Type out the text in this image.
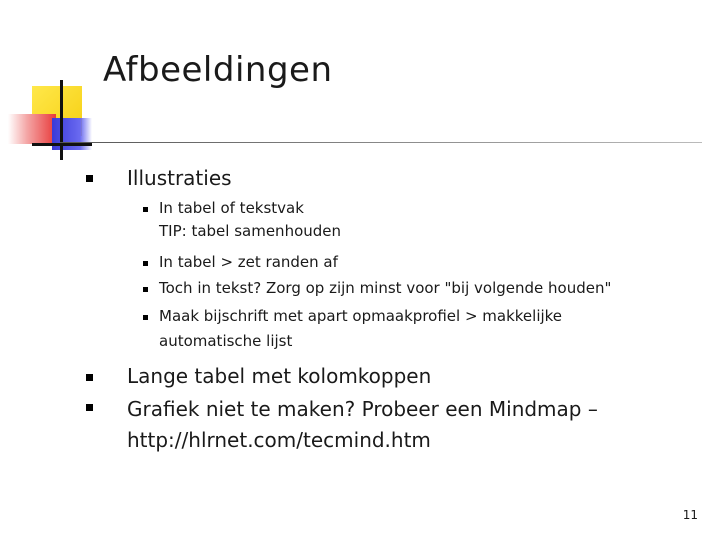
Afbeeldingen
Illustraties
In tabel of tekstvak
TIP: tabel samenhouden
In tabel > zet randen af
Toch in tekst? Zorg op zijn minst voor "bij volgende houden"
Maak bijschrift met apart opmaakprofiel > makkelijke
automatische lijst
Lange tabel met kolomkoppen
Grafiek niet te maken? Probeer een Mindmap –
http://hlrnet.com/tecmind.htm
11
